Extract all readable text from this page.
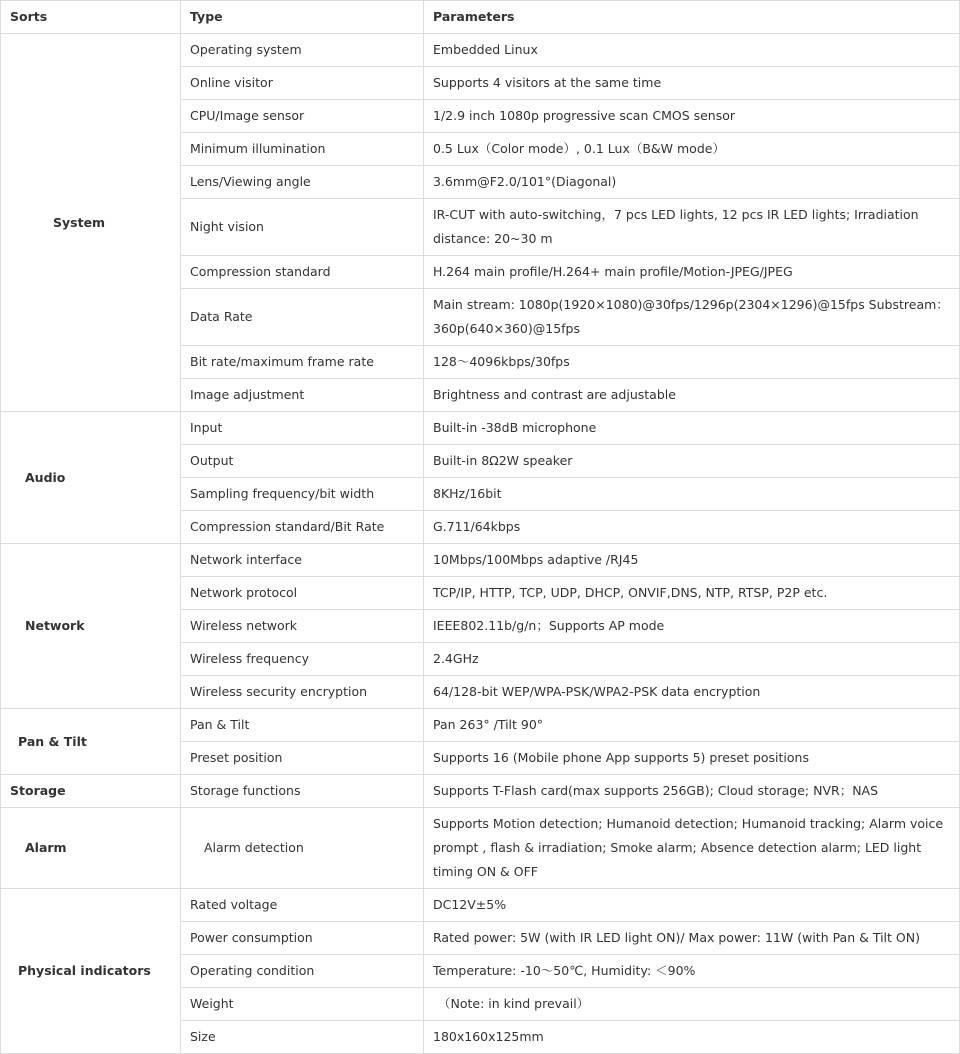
Sorts	Type	Parameters
System	Operating system	Embedded Linux
	Online visitor	Supports 4 visitors at the same time
	CPU/Image sensor	1/2.9 inch 1080p progressive scan CMOS sensor
	Minimum illumination	0.5 Lux（Color mode）, 0.1 Lux（B&W mode）
	Lens/Viewing angle	3.6mm@F2.0/101°(Diagonal)
	Night vision	IR-CUT with auto-switching，7 pcs LED lights, 12 pcs IR LED lights; Irradiation distance: 20~30 m
	Compression standard	H.264 main profile/H.264+ main profile/Motion-JPEG/JPEG
	Data Rate	Main stream: 1080p(1920×1080)@30fps/1296p(2304×1296)@15fps Substream：360p(640×360)@15fps
	Bit rate/maximum frame rate	128～4096kbps/30fps
	Image adjustment	Brightness and contrast are adjustable
Audio	Input	Built-in -38dB microphone
	Output	Built-in 8Ω2W speaker
	Sampling frequency/bit width	8KHz/16bit
	Compression standard/Bit Rate	G.711/64kbps
Network	Network interface	10Mbps/100Mbps adaptive /RJ45
	Network protocol	TCP/IP, HTTP, TCP, UDP, DHCP, ONVIF,DNS, NTP, RTSP, P2P etc.
	Wireless network	IEEE802.11b/g/n；Supports AP mode
	Wireless frequency	2.4GHz
	Wireless security encryption	64/128-bit WEP/WPA-PSK/WPA2-PSK data encryption
Pan & Tilt	Pan & Tilt	Pan 263° /Tilt 90°
	Preset position	Supports 16 (Mobile phone App supports 5) preset positions
Storage	Storage functions	Supports T-Flash card(max supports 256GB); Cloud storage; NVR；NAS
Alarm	Alarm detection	Supports Motion detection; Humanoid detection; Humanoid tracking; Alarm voice prompt , flash & irradiation; Smoke alarm; Absence detection alarm; LED light timing ON & OFF
Physical indicators	Rated voltage	DC12V±5%
	Power consumption	Rated power: 5W (with IR LED light ON)/ Max power: 11W (with Pan & Tilt ON)
	Operating condition	Temperature: -10～50℃, Humidity: ＜90%
	Weight	（Note: in kind prevail）
	Size	180x160x125mm
